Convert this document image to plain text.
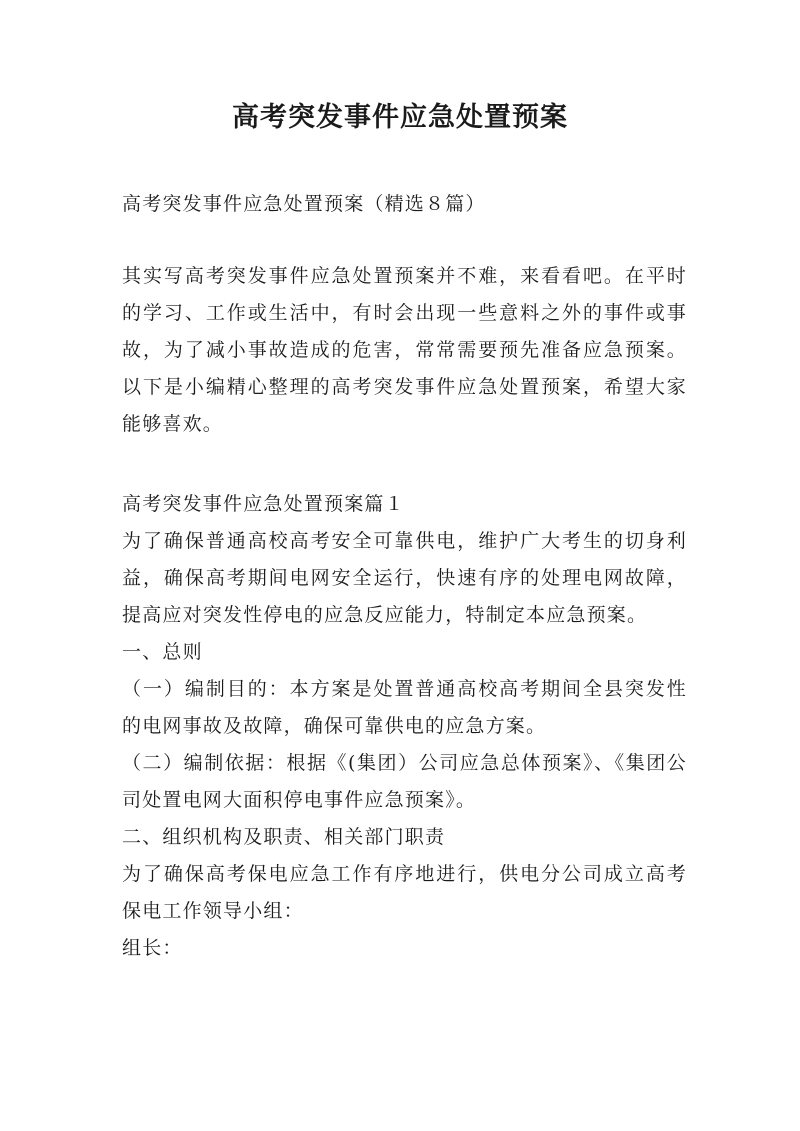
高考突发事件应急处置预案

高考突发事件应急处置预案（精选８篇）

其实写高考突发事件应急处置预案并不难，来看看吧。在平时的学习、工作或生活中，有时会出现一些意料之外的事件或事故，为了减小事故造成的危害，常常需要预先准备应急预案。以下是小编精心整理的高考突发事件应急处置预案，希望大家能够喜欢。

高考突发事件应急处置预案篇１

为了确保普通高校高考安全可靠供电，维护广大考生的切身利益，确保高考期间电网安全运行，快速有序的处理电网故障，提高应对突发性停电的应急反应能力，特制定本应急预案。

一、总则

（一）编制目的：本方案是处置普通高校高考期间全县突发性的电网事故及故障，确保可靠供电的应急方案。

（二）编制依据：根据《(集团）公司应急总体预案》、《集团公司处置电网大面积停电事件应急预案》。

二、组织机构及职责、相关部门职责

为了确保高考保电应急工作有序地进行，供电分公司成立高考保电工作领导小组：

组长：
